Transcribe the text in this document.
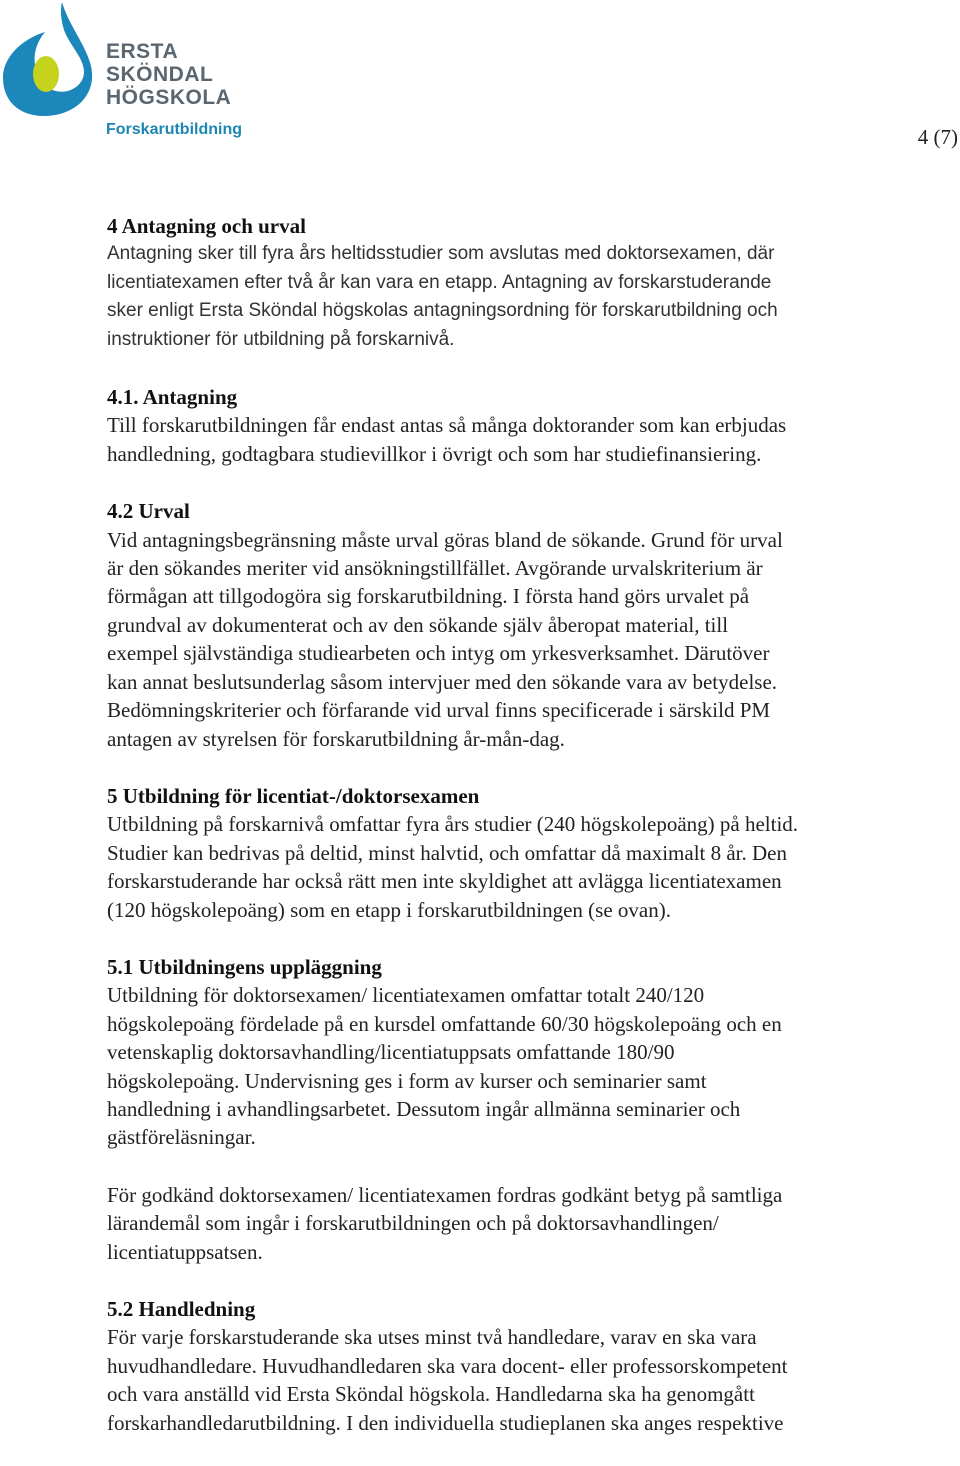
ERSTA
SKÖNDAL
HÖGSKOLA
Forskarutbildning	4 (7)
4 Antagning och urval
Antagning sker till fyra års heltidsstudier som avslutas med doktorsexamen, där
licentiatexamen efter två år kan vara en etapp. Antagning av forskarstuderande
sker enligt Ersta Sköndal högskolas antagningsordning för forskarutbildning och
instruktioner för utbildning på forskarnivå.
4.1. Antagning
Till forskarutbildningen får endast antas så många doktorander som kan erbjudas
handledning, godtagbara studievillkor i övrigt och som har studiefinansiering.
4.2 Urval
Vid antagningsbegränsning måste urval göras bland de sökande. Grund för urval
är den sökandes meriter vid ansökningstillfället. Avgörande urvalskriterium är
förmågan att tillgodogöra sig forskarutbildning. I första hand görs urvalet på
grundval av dokumenterat och av den sökande själv åberopat material, till
exempel självständiga studiearbeten och intyg om yrkesverksamhet. Därutöver
kan annat beslutsunderlag såsom intervjuer med den sökande vara av betydelse.
Bedömningskriterier och förfarande vid urval finns specificerade i särskild PM
antagen av styrelsen för forskarutbildning år-mån-dag.
5 Utbildning för licentiat-/doktorsexamen
Utbildning på forskarnivå omfattar fyra års studier (240 högskolepoäng) på heltid.
Studier kan bedrivas på deltid, minst halvtid, och omfattar då maximalt 8 år. Den
forskarstuderande har också rätt men inte skyldighet att avlägga licentiatexamen
(120 högskolepoäng) som en etapp i forskarutbildningen (se ovan).
5.1 Utbildningens uppläggning
Utbildning för doktorsexamen/ licentiatexamen omfattar totalt 240/120
högskolepoäng fördelade på en kursdel omfattande 60/30 högskolepoäng och en
vetenskaplig doktorsavhandling/licentiatuppsats omfattande 180/90
högskolepoäng. Undervisning ges i form av kurser och seminarier samt
handledning i avhandlingsarbetet. Dessutom ingår allmänna seminarier och
gästföreläsningar.
För godkänd doktorsexamen/ licentiatexamen fordras godkänt betyg på samtliga
lärandemål som ingår i forskarutbildningen och på doktorsavhandlingen/
licentiatuppsatsen.
5.2 Handledning
För varje forskarstuderande ska utses minst två handledare, varav en ska vara
huvudhandledare. Huvudhandledaren ska vara docent- eller professorskompetent
och vara anställd vid Ersta Sköndal högskola. Handledarna ska ha genomgått
forskarhandledarutbildning. I den individuella studieplanen ska anges respektive
